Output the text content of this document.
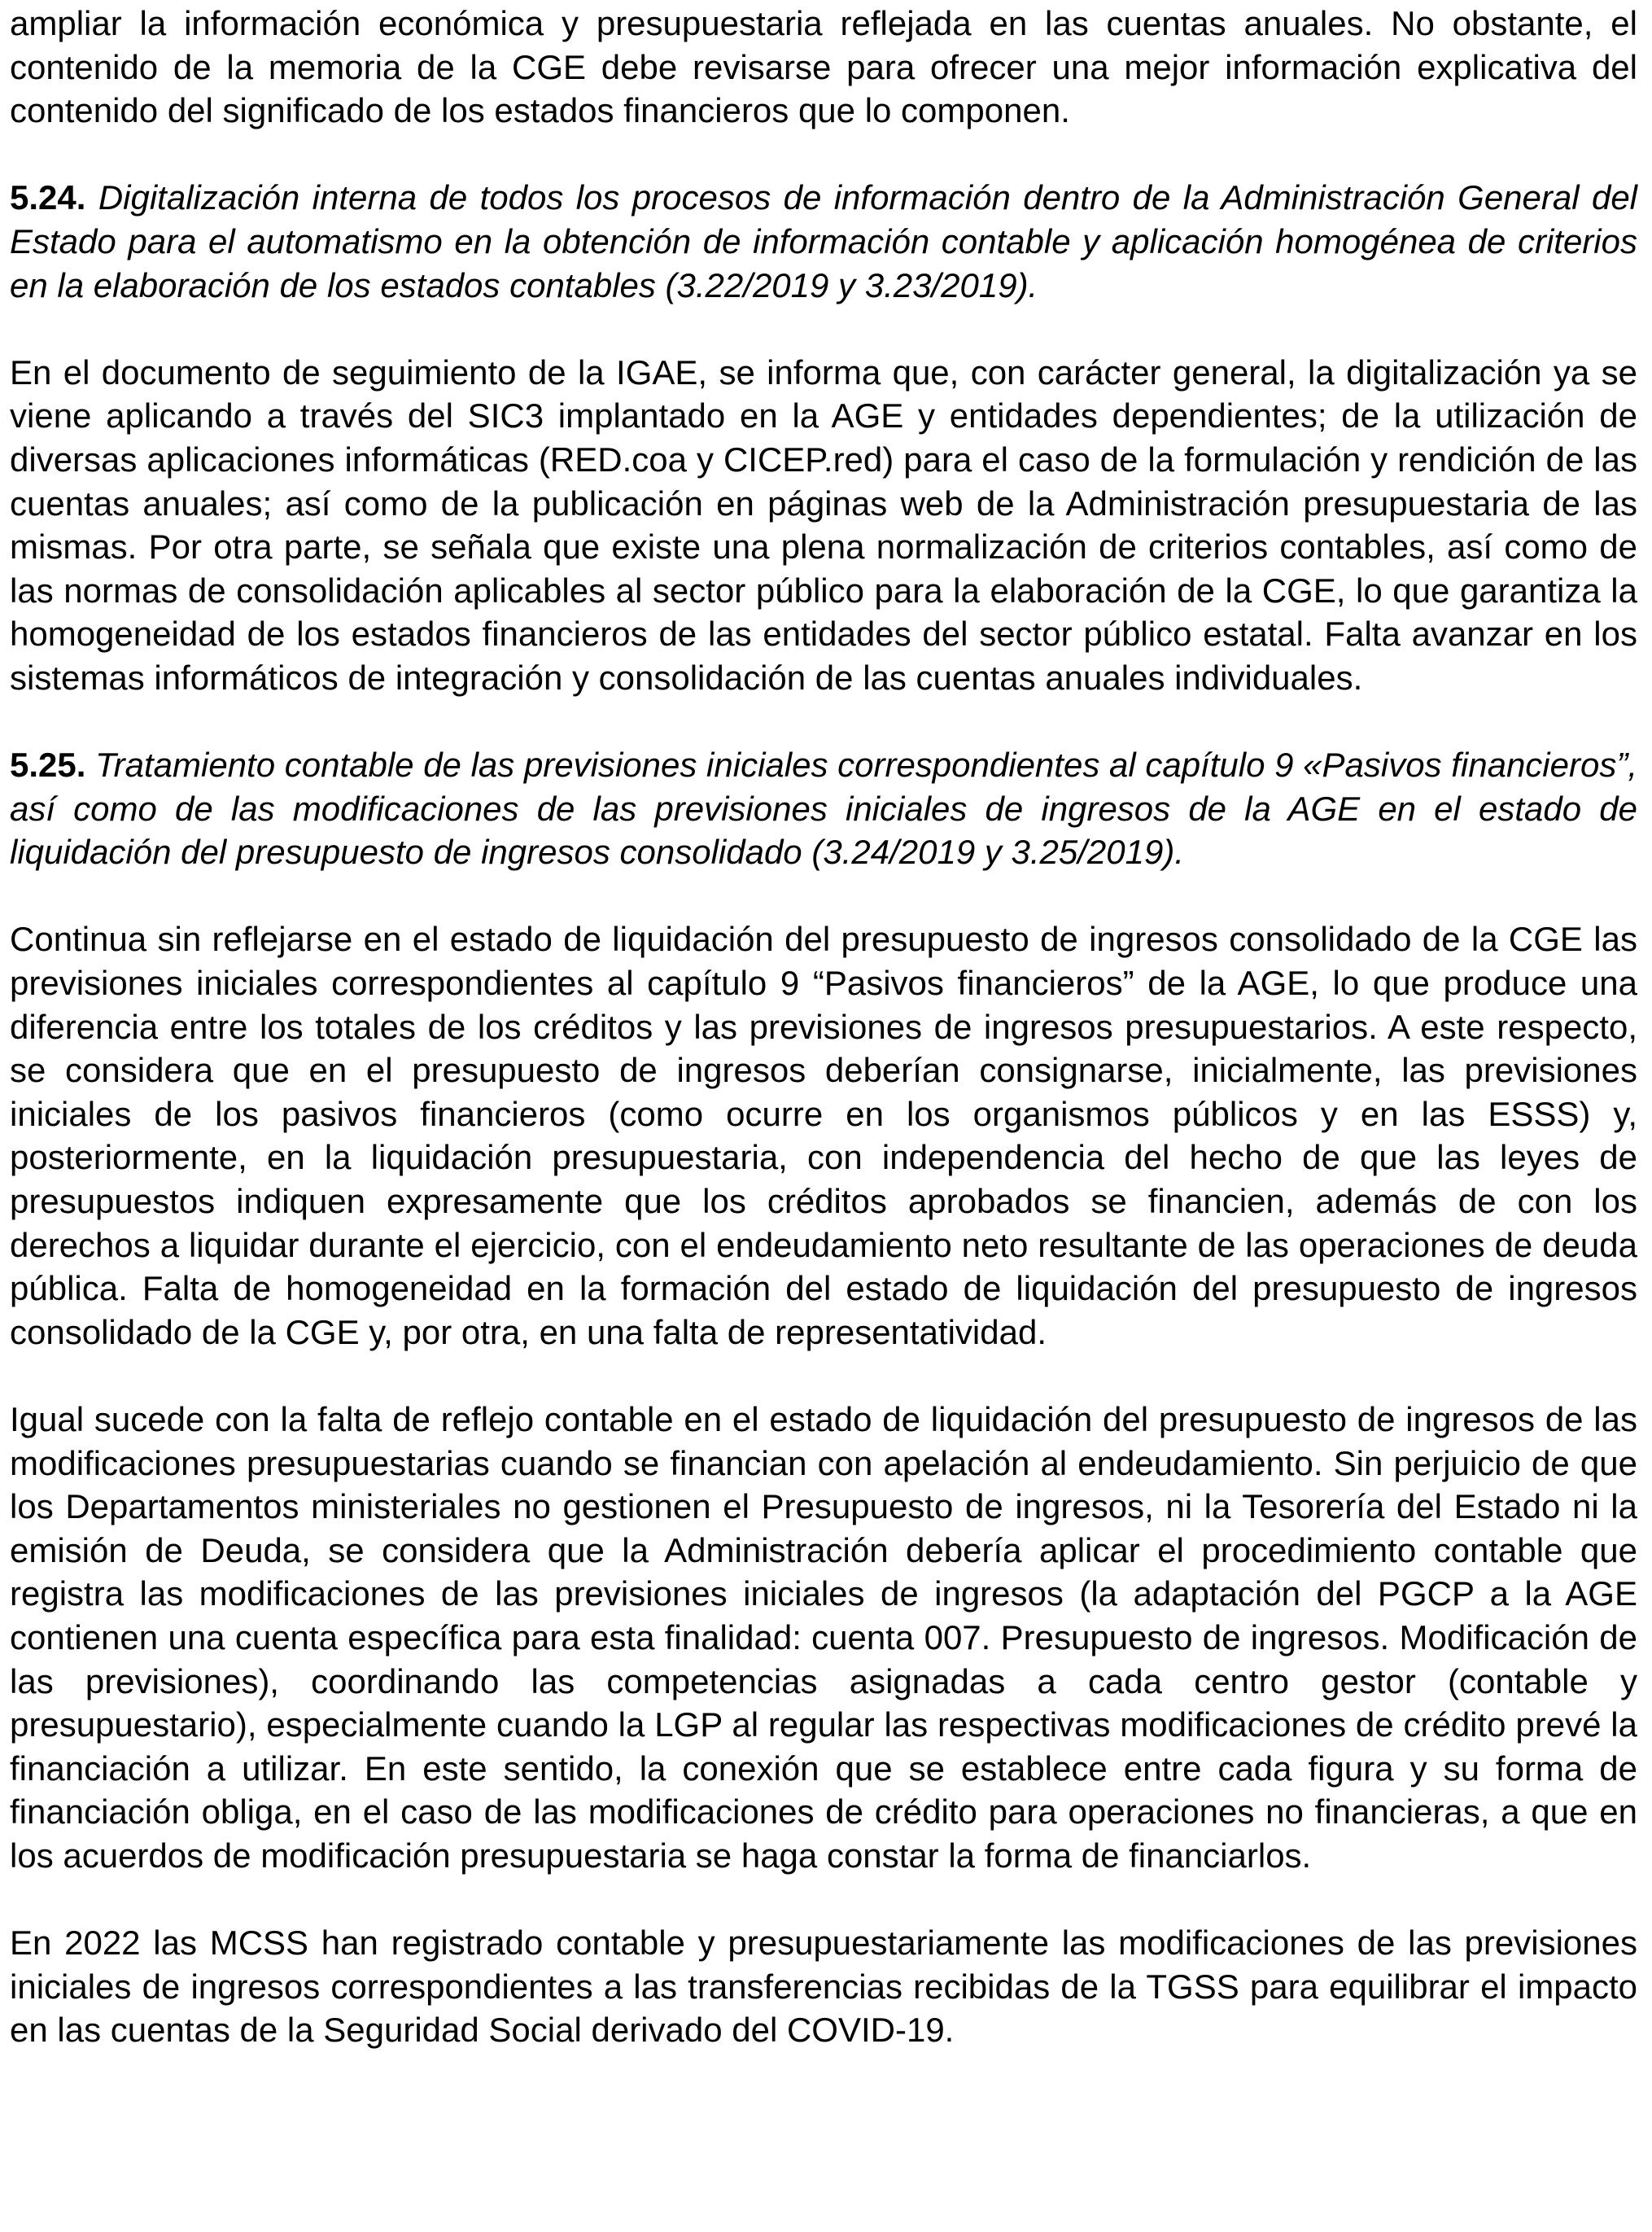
ampliar la información económica y presupuestaria reflejada en las cuentas anuales. No obstante, el contenido de la memoria de la CGE debe revisarse para ofrecer una mejor información explicativa del contenido del significado de los estados financieros que lo componen.

5.24. Digitalización interna de todos los procesos de información dentro de la Administración General del Estado para el automatismo en la obtención de información contable y aplicación homogénea de criterios en la elaboración de los estados contables (3.22/2019 y 3.23/2019).

En el documento de seguimiento de la IGAE, se informa que, con carácter general, la digitalización ya se viene aplicando a través del SIC3 implantado en la AGE y entidades dependientes; de la utilización de diversas aplicaciones informáticas (RED.coa y CICEP.red) para el caso de la formulación y rendición de las cuentas anuales; así como de la publicación en páginas web de la Administración presupuestaria de las mismas. Por otra parte, se señala que existe una plena normalización de criterios contables, así como de las normas de consolidación aplicables al sector público para la elaboración de la CGE, lo que garantiza la homogeneidad de los estados financieros de las entidades del sector público estatal. Falta avanzar en los sistemas informáticos de integración y consolidación de las cuentas anuales individuales.

5.25. Tratamiento contable de las previsiones iniciales correspondientes al capítulo 9 «Pasivos financieros”, así como de las modificaciones de las previsiones iniciales de ingresos de la AGE en el estado de liquidación del presupuesto de ingresos consolidado (3.24/2019 y 3.25/2019).

Continua sin reflejarse en el estado de liquidación del presupuesto de ingresos consolidado de la CGE las previsiones iniciales correspondientes al capítulo 9 “Pasivos financieros” de la AGE, lo que produce una diferencia entre los totales de los créditos y las previsiones de ingresos presupuestarios. A este respecto, se considera que en el presupuesto de ingresos deberían consignarse, inicialmente, las previsiones iniciales de los pasivos financieros (como ocurre en los organismos públicos y en las ESSS) y, posteriormente, en la liquidación presupuestaria, con independencia del hecho de que las leyes de presupuestos indiquen expresamente que los créditos aprobados se financien, además de con los derechos a liquidar durante el ejercicio, con el endeudamiento neto resultante de las operaciones de deuda pública. Falta de homogeneidad en la formación del estado de liquidación del presupuesto de ingresos consolidado de la CGE y, por otra, en una falta de representatividad.

Igual sucede con la falta de reflejo contable en el estado de liquidación del presupuesto de ingresos de las modificaciones presupuestarias cuando se financian con apelación al endeudamiento. Sin perjuicio de que los Departamentos ministeriales no gestionen el Presupuesto de ingresos, ni la Tesorería del Estado ni la emisión de Deuda, se considera que la Administración debería aplicar el procedimiento contable que registra las modificaciones de las previsiones iniciales de ingresos (la adaptación del PGCP a la AGE contienen una cuenta específica para esta finalidad: cuenta 007. Presupuesto de ingresos. Modificación de las previsiones), coordinando las competencias asignadas a cada centro gestor (contable y presupuestario), especialmente cuando la LGP al regular las respectivas modificaciones de crédito prevé la financiación a utilizar. En este sentido, la conexión que se establece entre cada figura y su forma de financiación obliga, en el caso de las modificaciones de crédito para operaciones no financieras, a que en los acuerdos de modificación presupuestaria se haga constar la forma de financiarlos.

En 2022 las MCSS han registrado contable y presupuestariamente las modificaciones de las previsiones iniciales de ingresos correspondientes a las transferencias recibidas de la TGSS para equilibrar el impacto en las cuentas de la Seguridad Social derivado del COVID-19.
